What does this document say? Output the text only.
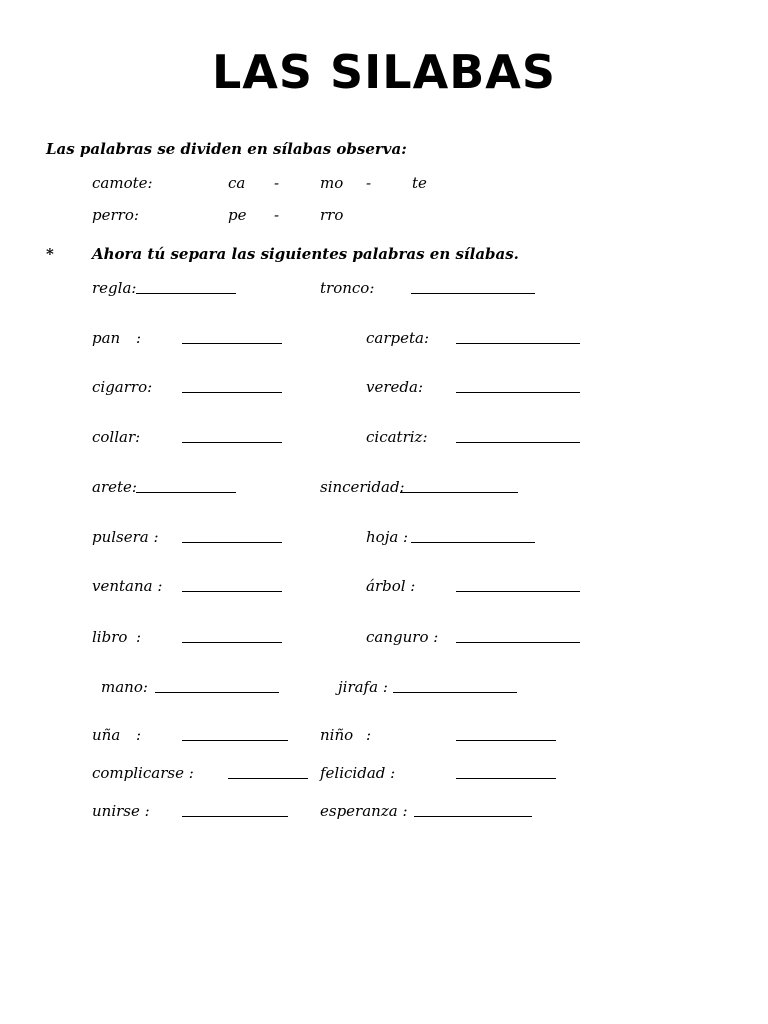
LAS SILABAS
Las palabras se dividen en sílabas observa:
camote:	ca -	mo -	te
perro:	pe -	rro
*	Ahora tú separa las siguientes palabras en sílabas.
regla:	tronco:
pan :	carpeta:
cigarro:	vereda:
collar:	cicatriz:
arete:	sinceridad:
pulsera :	hoja :
ventana :	árbol :
libro :	canguro :
mano:	jirafa :
uña :	niño :
complicarse :	felicidad :
unirse :	esperanza :
